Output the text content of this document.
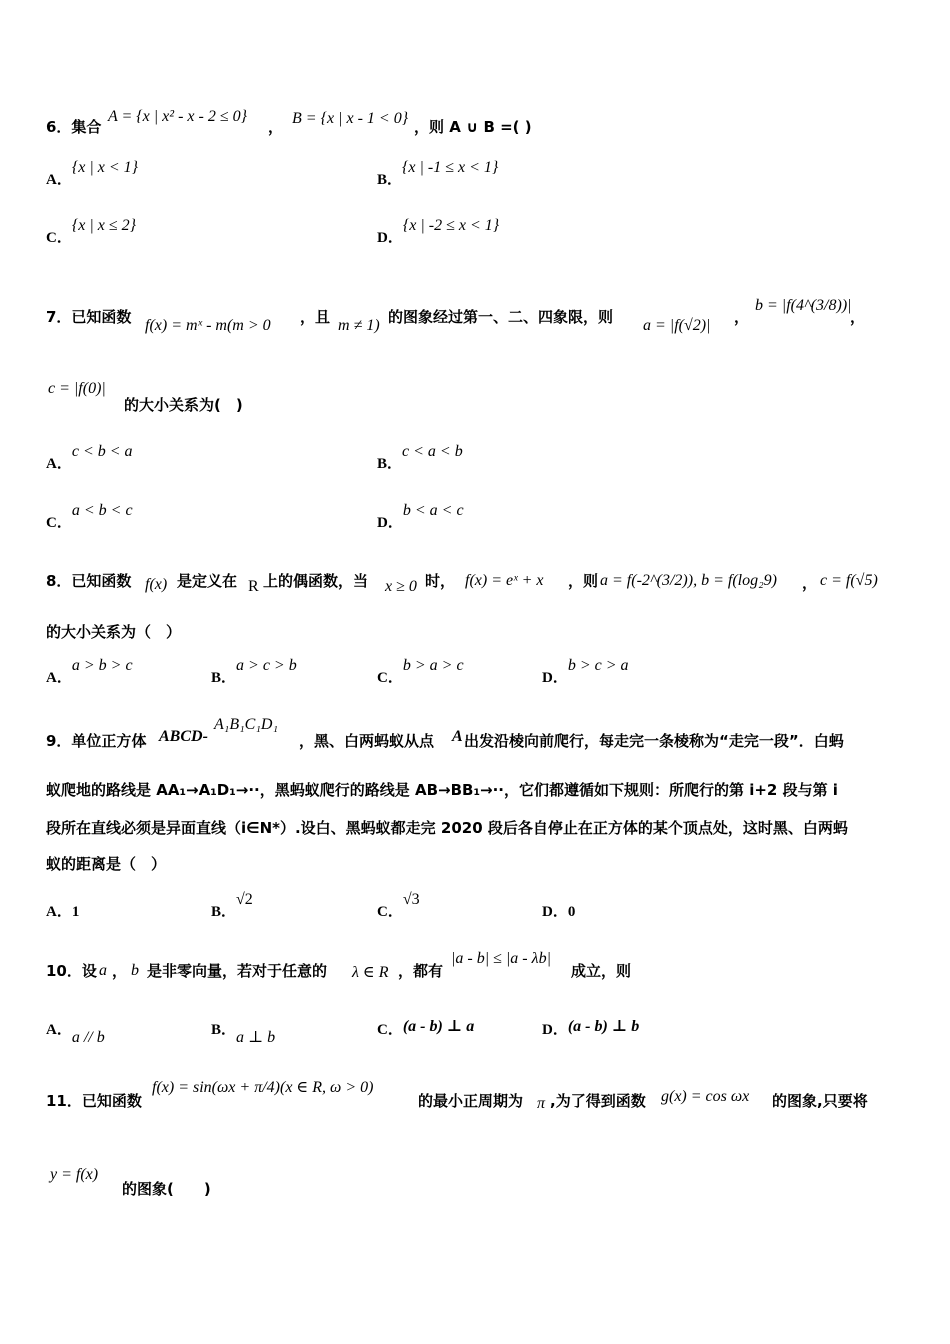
6．集合
A = {x | x² - x - 2 ≤ 0}
， B = {x | x - 1 < 0} ，则 A ∪ B =( )
A．{x | x < 1}
B．{x | -1 ≤ x < 1}
C．{x | x ≤ 2}
D．{x | -2 ≤ x < 1}
7．已知函数 f(x) = mˣ - m(m > 0 ，且 m ≠ 1) 的图象经过第一、二、四象限，则 a = |f(√2)| ，
b = |f(4^(3/8))|
，
c = |f(0)|
的大小关系为(　)
A．c < b < a
B．c < a < b
C．a < b < c
D．b < a < c
8．已知函数 f(x) 是定义在 R 上的偶函数，当 x ≥ 0 时， f(x) = eˣ + x ，则 a = f(-2^(3/2)), b = f(log₂9) ， c = f(√5)
的大小关系为（　）
A．a > b > c
B．a > c > b
C．b > a > c
D．b > c > a
9．单位正方体 ABCD-
A₁B₁C₁D₁
，黑、白两蚂蚁从点 A 出发沿棱向前爬行，每走完一条棱称为“走完一段”．白蚂
蚁爬地的路线是 AA₁→A₁D₁→··，黑蚂蚁爬行的路线是 AB→BB₁→··，它们都遵循如下规则：所爬行的第 i+2 段与第 i
段所在直线必须是异面直线（i∈N*）.设白、黑蚂蚁都走完 2020 段后各自停止在正方体的某个顶点处，这时黑、白两蚂
蚁的距离是（　）
A．1	B．√2
C．√3
D．0
10．设 a ， b 是非零向量，若对于任意的 λ ∈ R ，都有
|a - b| ≤ |a - λb|
成立，则
A．a // b	B．a ⊥ b	C．(a - b) ⊥ a	D．(a - b) ⊥ b
11．已知函数
f(x) = sin(ωx + π/4)(x ∈ R, ω > 0)
的最小正周期为 π ,为了得到函数 g(x) = cos ωx 的图象,只要将
y = f(x)
的图象(　　)
